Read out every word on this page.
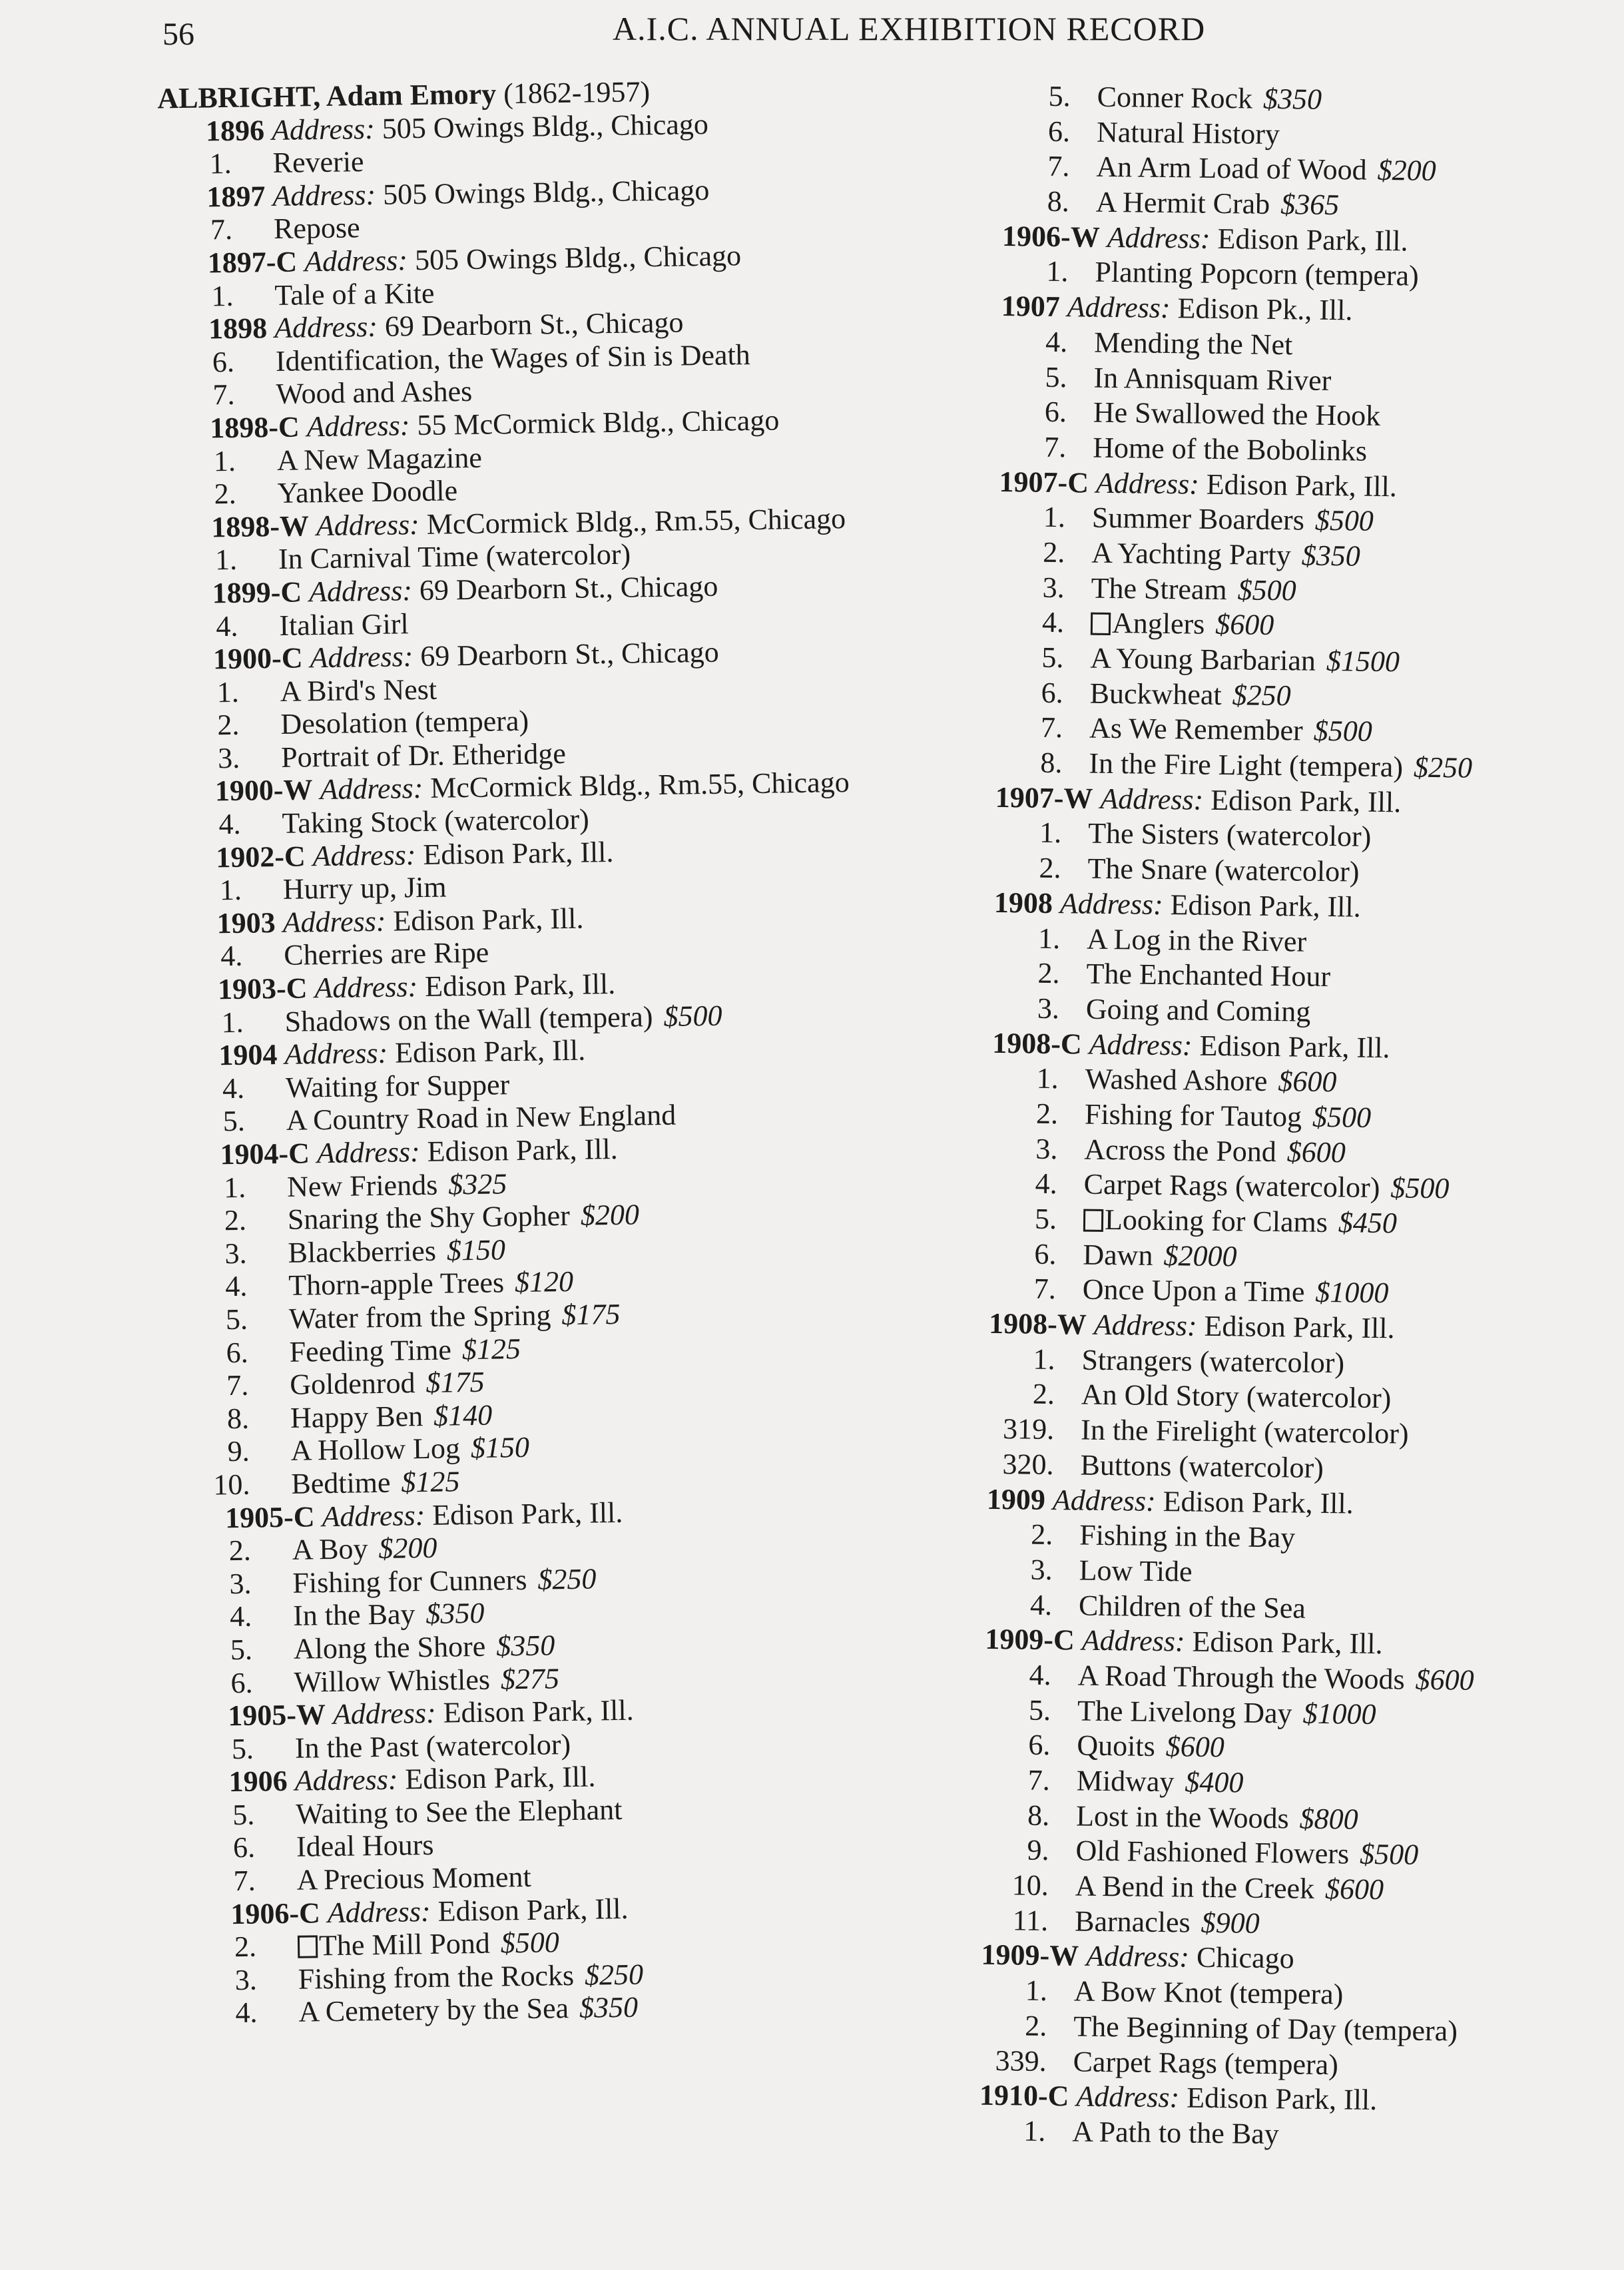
56	A.I.C. ANNUAL EXHIBITION RECORD
ALBRIGHT, Adam Emory (1862-1957)
1896 Address: 505 Owings Bldg., Chicago
1.	Reverie
1897 Address: 505 Owings Bldg., Chicago
7.	Repose
1897-C Address: 505 Owings Bldg., Chicago
1.	Tale of a Kite
1898 Address: 69 Dearborn St., Chicago
6.	Identification, the Wages of Sin is Death
7.	Wood and Ashes
1898-C Address: 55 McCormick Bldg., Chicago
1.	A New Magazine
2.	Yankee Doodle
1898-W Address: McCormick Bldg., Rm.55, Chicago
1.	In Carnival Time (watercolor)
1899-C Address: 69 Dearborn St., Chicago
4.	Italian Girl
1900-C Address: 69 Dearborn St., Chicago
1.	A Bird's Nest
2.	Desolation (tempera)
3.	Portrait of Dr. Etheridge
1900-W Address: McCormick Bldg., Rm.55, Chicago
4.	Taking Stock (watercolor)
1902-C Address: Edison Park, Ill.
1.	Hurry up, Jim
1903 Address: Edison Park, Ill.
4.	Cherries are Ripe
1903-C Address: Edison Park, Ill.
1.	Shadows on the Wall (tempera) $500
1904 Address: Edison Park, Ill.
4.	Waiting for Supper
5.	A Country Road in New England
1904-C Address: Edison Park, Ill.
1.	New Friends $325
2.	Snaring the Shy Gopher $200
3.	Blackberries $150
4.	Thorn-apple Trees $120
5.	Water from the Spring $175
6.	Feeding Time $125
7.	Goldenrod $175
8.	Happy Ben $140
9.	A Hollow Log $150
10.	Bedtime $125
1905-C Address: Edison Park, Ill.
2.	A Boy $200
3.	Fishing for Cunners $250
4.	In the Bay $350
5.	Along the Shore $350
6.	Willow Whistles $275
1905-W Address: Edison Park, Ill.
5.	In the Past (watercolor)
1906 Address: Edison Park, Ill.
5.	Waiting to See the Elephant
6.	Ideal Hours
7.	A Precious Moment
1906-C Address: Edison Park, Ill.
2.	The Mill Pond $500
3.	Fishing from the Rocks $250
4.	A Cemetery by the Sea $350
5. Conner Rock $350
6. Natural History
7. An Arm Load of Wood $200
8. A Hermit Crab $365
1906-W Address: Edison Park, Ill.
1. Planting Popcorn (tempera)
1907 Address: Edison Pk., Ill.
4. Mending the Net
5. In Annisquam River
6. He Swallowed the Hook
7. Home of the Bobolinks
1907-C Address: Edison Park, Ill.
1. Summer Boarders $500
2. A Yachting Party $350
3. The Stream $500
4.	Anglers $600
5. A Young Barbarian $1500
6. Buckwheat $250
7. As We Remember $500
8. In the Fire Light (tempera) $250
1907-W Address: Edison Park, Ill.
1. The Sisters (watercolor)
2. The Snare (watercolor)
1908 Address: Edison Park, Ill.
1. A Log in the River
2. The Enchanted Hour
3. Going and Coming
1908-C Address: Edison Park, Ill.
1. Washed Ashore $600
2. Fishing for Tautog $500
3. Across the Pond $600
4. Carpet Rags (watercolor) $500
5.	Looking for Clams $450
6. Dawn $2000
7. Once Upon a Time $1000
1908-W Address: Edison Park, Ill.
1. Strangers (watercolor)
2. An Old Story (watercolor)
319. In the Firelight (watercolor)
320. Buttons (watercolor)
1909 Address: Edison Park, Ill.
2. Fishing in the Bay
3. Low Tide
4. Children of the Sea
1909-C Address: Edison Park, Ill.
4. A Road Through the Woods $600
5. The Livelong Day $1000
6. Quoits $600
7. Midway $400
8. Lost in the Woods $800
9. Old Fashioned Flowers $500
10. A Bend in the Creek $600
11. Barnacles $900
1909-W Address: Chicago
1. A Bow Knot (tempera)
2. The Beginning of Day (tempera)
339. Carpet Rags (tempera)
1910-C Address: Edison Park, Ill.
1. A Path to the Bay
